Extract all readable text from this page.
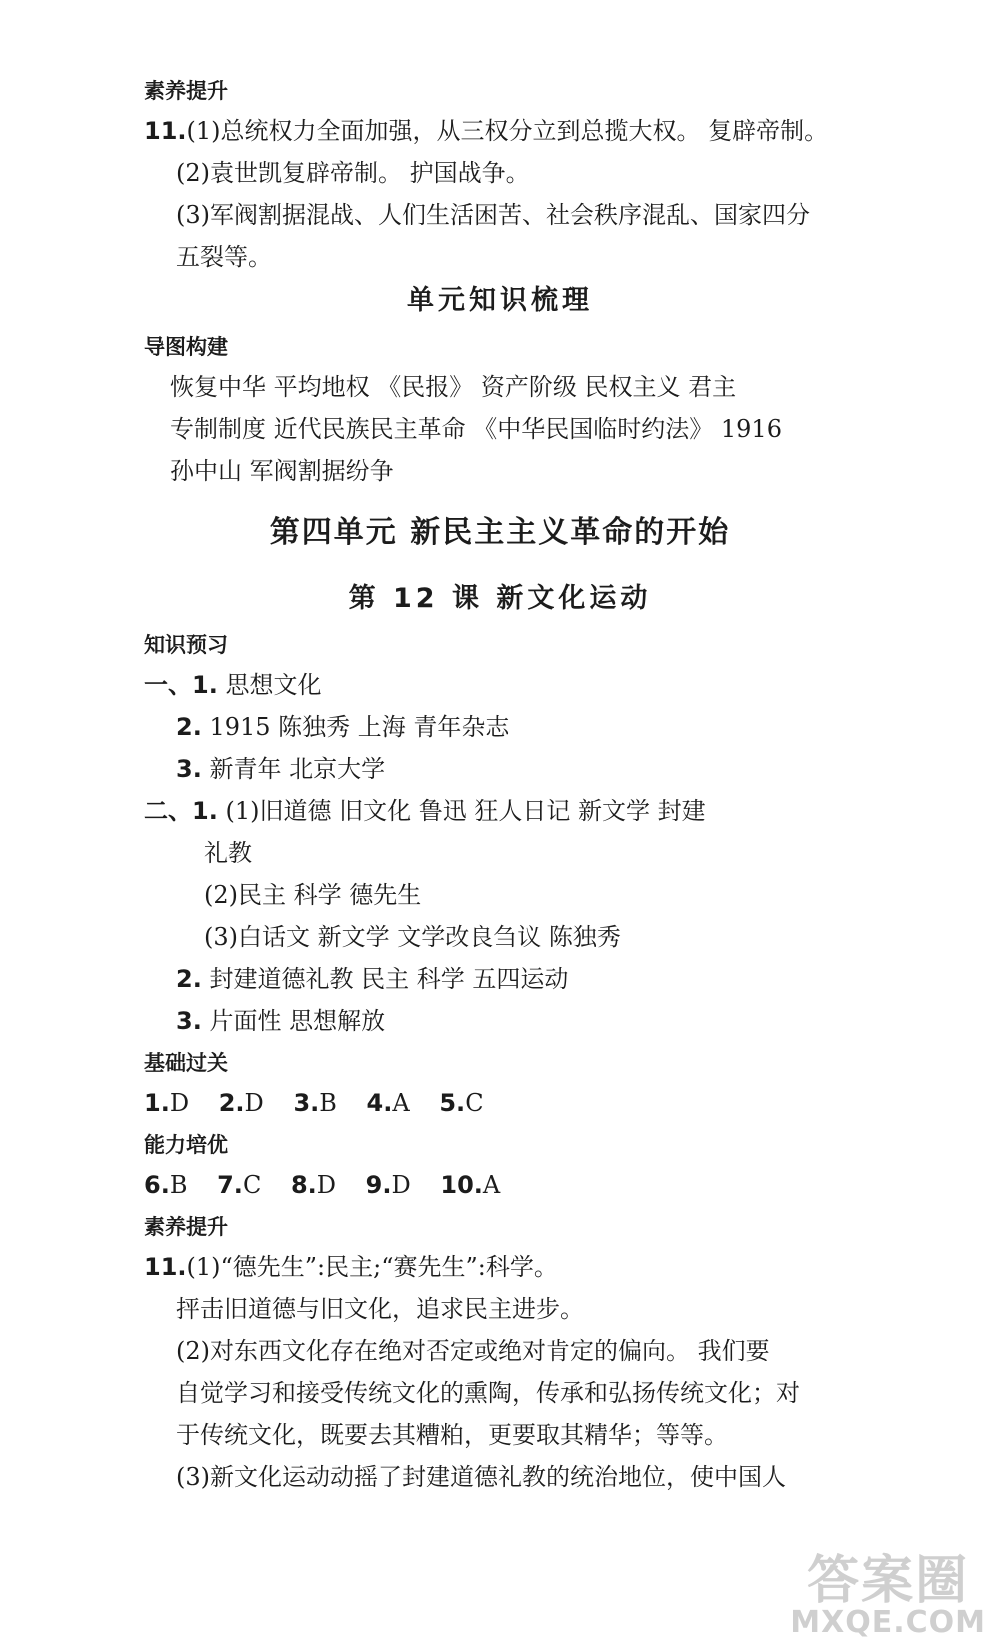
素养提升
11.(1)总统权力全面加强，从三权分立到总揽大权。 复辟帝制。
(2)袁世凯复辟帝制。 护国战争。
(3)军阀割据混战、人们生活困苦、社会秩序混乱、国家四分
五裂等。
单元知识梳理
导图构建
恢复中华 平均地权 《民报》 资产阶级 民权主义 君主
专制制度 近代民族民主革命 《中华民国临时约法》 1916
孙中山 军阀割据纷争
第四单元 新民主主义革命的开始
第 12 课 新文化运动
知识预习
一、1. 思想文化
2. 1915 陈独秀 上海 青年杂志
3. 新青年 北京大学
二、1. (1)旧道德 旧文化 鲁迅 狂人日记 新文学 封建
礼教
(2)民主 科学 德先生
(3)白话文 新文学 文学改良刍议 陈独秀
2. 封建道德礼教 民主 科学 五四运动
3. 片面性 思想解放
基础过关
1.D 2.D 3.B 4.A 5.C
能力培优
6.B 7.C 8.D 9.D 10.A
素养提升
11.(1)“德先生”:民主;“赛先生”:科学。
抨击旧道德与旧文化，追求民主进步。
(2)对东西文化存在绝对否定或绝对肯定的偏向。 我们要
自觉学习和接受传统文化的熏陶，传承和弘扬传统文化；对
于传统文化，既要去其糟粕，更要取其精华；等等。
(3)新文化运动动摇了封建道德礼教的统治地位，使中国人
答案圈
MXQE.COM
